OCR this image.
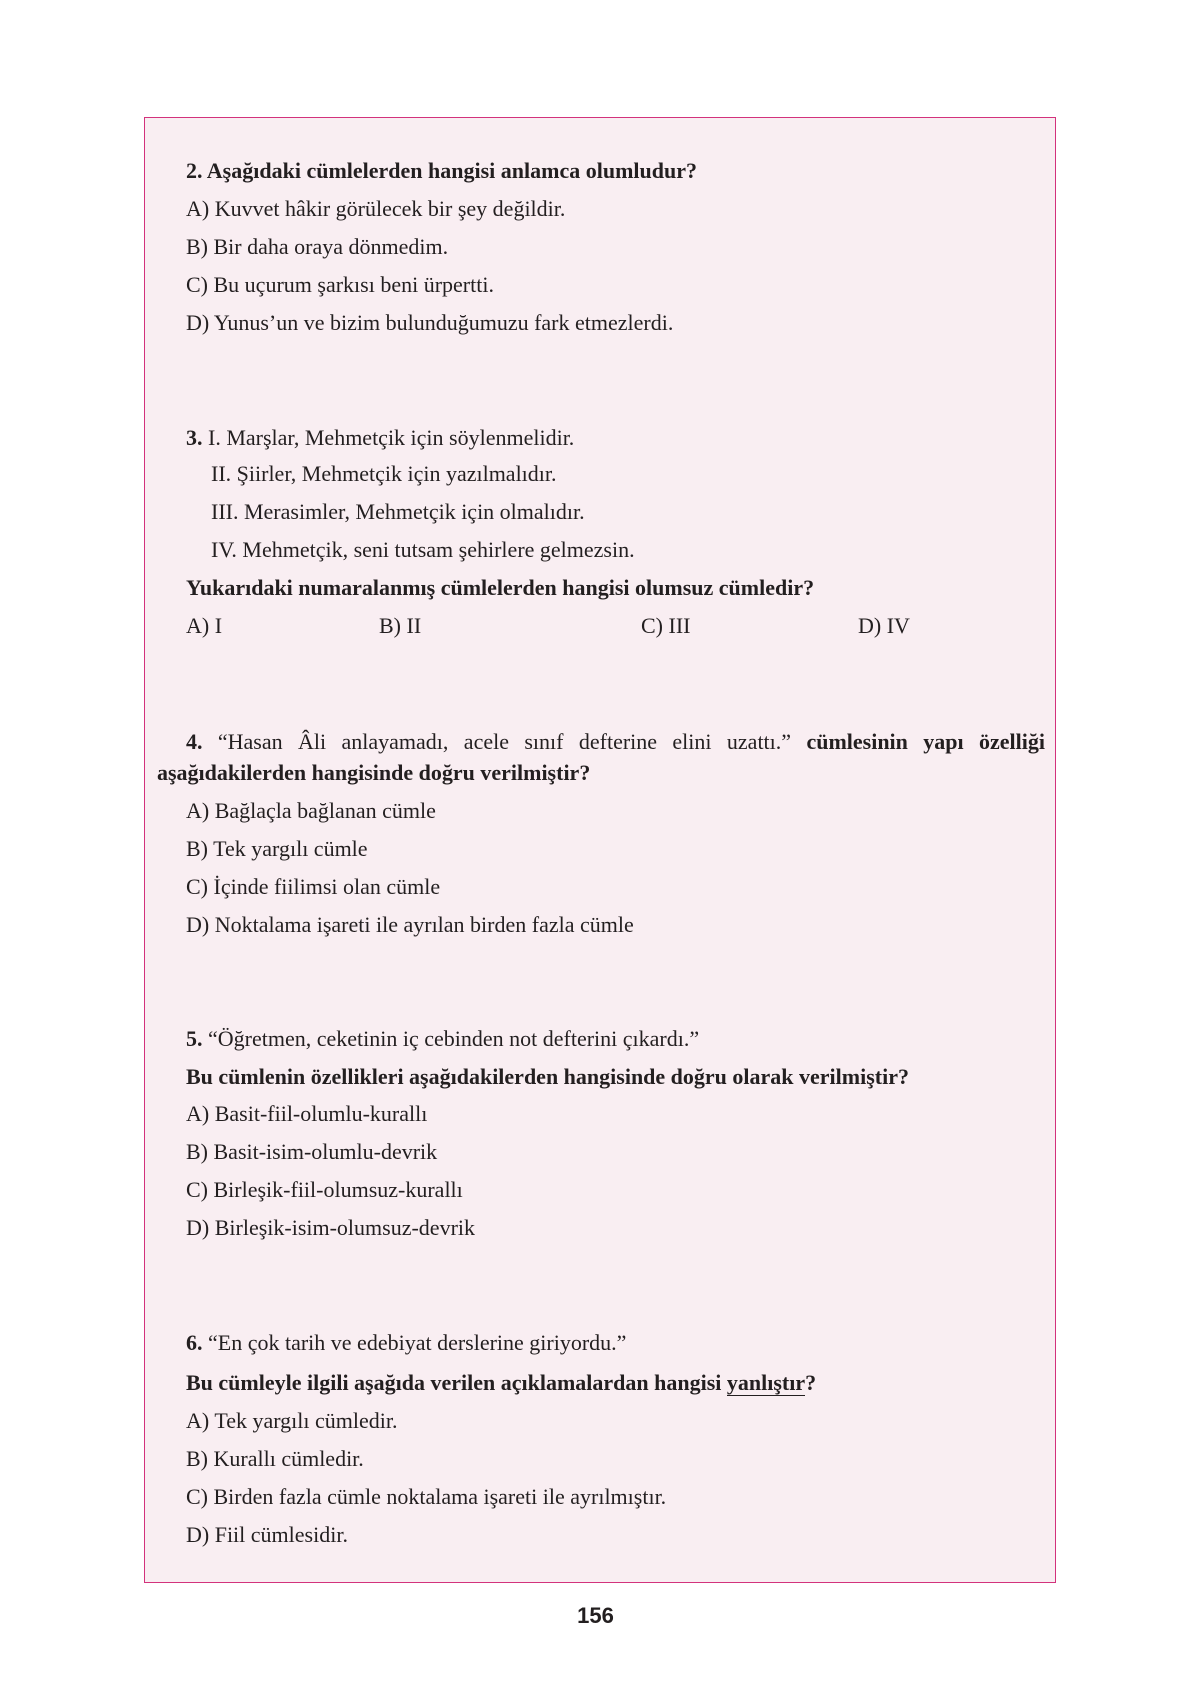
2. Aşağıdaki cümlelerden hangisi anlamca olumludur?
A) Kuvvet hâkir görülecek bir şey değildir.
B) Bir daha oraya dönmedim.
C) Bu uçurum şarkısı beni ürpertti.
D) Yunus’un ve bizim bulunduğumuzu fark etmezlerdi.
3. I. Marşlar, Mehmetçik için söylenmelidir.
II. Şiirler, Mehmetçik için yazılmalıdır.
III. Merasimler, Mehmetçik için olmalıdır.
IV. Mehmetçik, seni tutsam şehirlere gelmezsin.
Yukarıdaki numaralanmış cümlelerden hangisi olumsuz cümledir?
A) I	B) II	C) III	D) IV
4. “Hasan Âli anlayamadı, acele sınıf defterine elini uzattı.” cümlesinin yapı özelliği
aşağıdakilerden hangisinde doğru verilmiştir?
A) Bağlaçla bağlanan cümle
B) Tek yargılı cümle
C) İçinde fiilimsi olan cümle
D) Noktalama işareti ile ayrılan birden fazla cümle
5. “Öğretmen, ceketinin iç cebinden not defterini çıkardı.”
Bu cümlenin özellikleri aşağıdakilerden hangisinde doğru olarak verilmiştir?
A) Basit-fiil-olumlu-kurallı
B) Basit-isim-olumlu-devrik
C) Birleşik-fiil-olumsuz-kurallı
D) Birleşik-isim-olumsuz-devrik
6. “En çok tarih ve edebiyat derslerine giriyordu.”
Bu cümleyle ilgili aşağıda verilen açıklamalardan hangisi yanlıştır?
A) Tek yargılı cümledir.
B) Kurallı cümledir.
C) Birden fazla cümle noktalama işareti ile ayrılmıştır.
D) Fiil cümlesidir.
156
